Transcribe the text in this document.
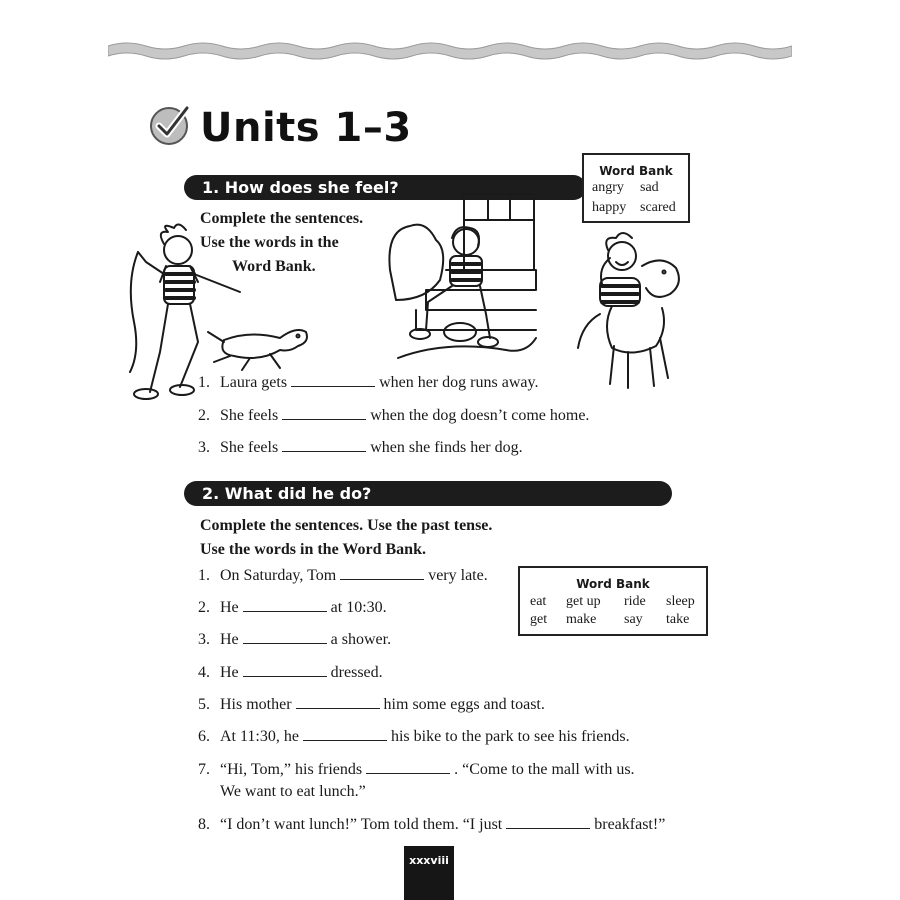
Units 1–3
1. How does she feel?
Word Bank
angry	sad
happy scared
Complete the sentences.
Use the words in the
Word Bank.
1. Laura gets	when her dog runs away.
2. She feels	when the dog doesn’t come home.
3. She feels	when she finds her dog.
2. What did he do?
Complete the sentences. Use the past tense.
Use the words in the Word Bank.
Word Bank
eat	get up	ride	sleep
get	make	say	take
1. On Saturday, Tom	very late.
2. He	at 10:30.
3. He	a shower.
4. He	dressed.
5. His mother	him some eggs and toast.
6. At 11:30, he	his bike to the park to see his friends.
7. “Hi, Tom,” his friends	. “Come to the mall with us.
We want to eat lunch.”
8. “I don’t want lunch!” Tom told them. “I just	breakfast!”
xxxviii
